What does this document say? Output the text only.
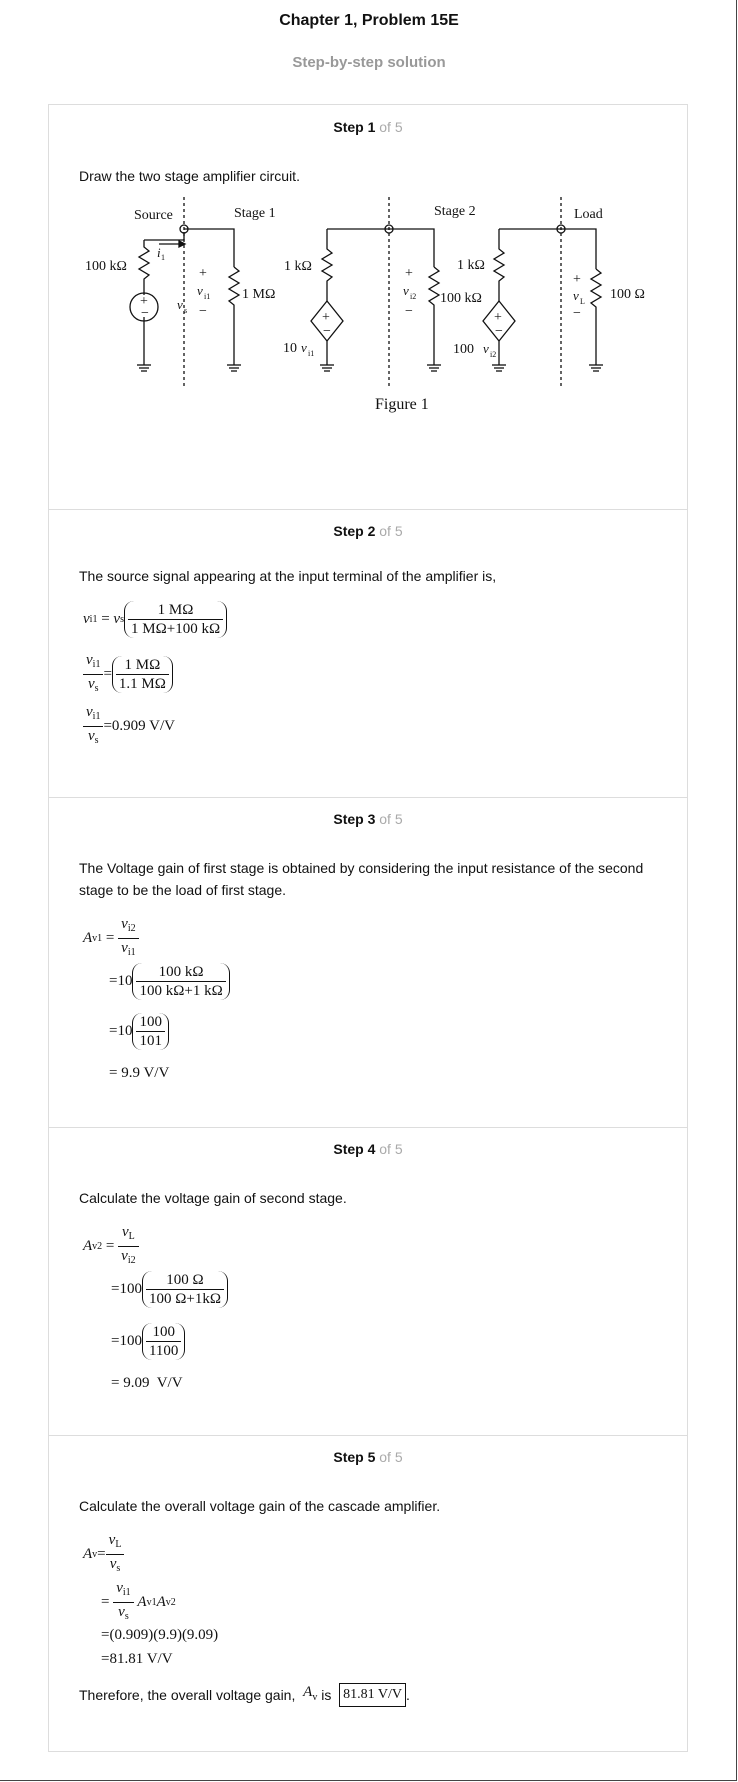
Chapter 1, Problem 15E
Step-by-step solution
Step 1 of 5
Draw the two stage amplifier circuit.
+
−	+
−
+
−
+
−
+
−
+
−
v s
v i1	v i2	v L
i 1
Source	Stage 1	Stage 2	Load
100 kΩ
1 MΩ
1 kΩ
100 kΩ
1 kΩ
100 Ω
10	100
Figure 1
v i1	v i2
Step 2 of 5
The source signal appearing at the input terminal of the amplifier is,
v i1 = v s $\frac{1 M\Omega}{1 M\Omega+100 k\Omega}$
$\frac{v_{i1}}{v_s} = \frac{1 M\Omega}{1.1 M\Omega}$
$\frac{v_{i1}}{v_s} =0.909$ V/V
Step 3 of 5
The Voltage gain of first stage is obtained by considering the input resistance of the second stage to be the load of first stage.
A $v1 = \frac{v_{i2}}{v_{i1}}$
$=10 \frac{100 k\Omega}{100 k\Omega+1 k\Omega}$
$=10 \frac{100}{101}$
= 9.9 V/V
Step 4 of 5
Calculate the voltage gain of second stage.
A $v2 = \frac{v_L}{v_{i2}}$
$=100 \frac{100 \Omega}{100 \Omega+1k\Omega}$
$=100 \frac{100}{1100}$
= 9.09  V/V
Step 5 of 5
Calculate the overall voltage gain of the cascade amplifier.
A $v = \frac{v_L}{v_s}$
= $\frac{v_{i1}}{v_s}$
A v1 A v2
=(0.909)(9.9)(9.09)
=81.81 V/V
Therefore, the overall voltage gain,
$A_v$
is
81.81 V/V .
